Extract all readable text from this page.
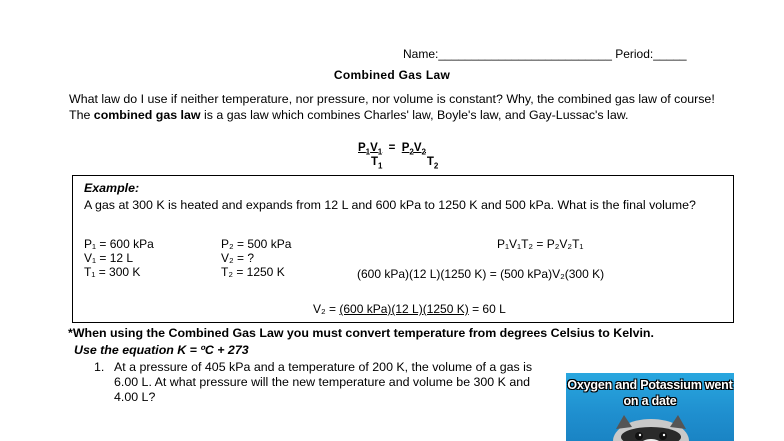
Name:__________________________ Period:_____
Combined Gas Law
What law do I use if neither temperature, nor pressure, nor volume is constant? Why, the combined gas law of course! The combined gas law is a gas law which combines Charles' law, Boyle's law, and Gay-Lussac's law.
$P_1V_1 = P_2V_2$
$T_1$	$T_2$
Example:
A gas at 300 K is heated and expands from 12 L and 600 kPa to 1250 K and 500 kPa. What is the final volume?
P₁ = 600 kPa
V₁ = 12 L
T₁ = 300 K
P₂ = 500 kPa
V₂ = ?
T₂ = 1250 K
P₁V₁T₂ = P₂V₂T₁
(600 kPa)(12 L)(1250 K) = (500 kPa)V₂(300 K)
V₂ = (600 kPa)(12 L)(1250 K) = 60 L
*When using the Combined Gas Law you must convert temperature from degrees Celsius to Kelvin.
Use the equation K = ºC + 273
1. At a pressure of 405 kPa and a temperature of 200 K, the volume of a gas is 6.00 L. At what pressure will the new temperature and volume be 300 K and 4.00 L?
Oxygen and Potassium went on a date
